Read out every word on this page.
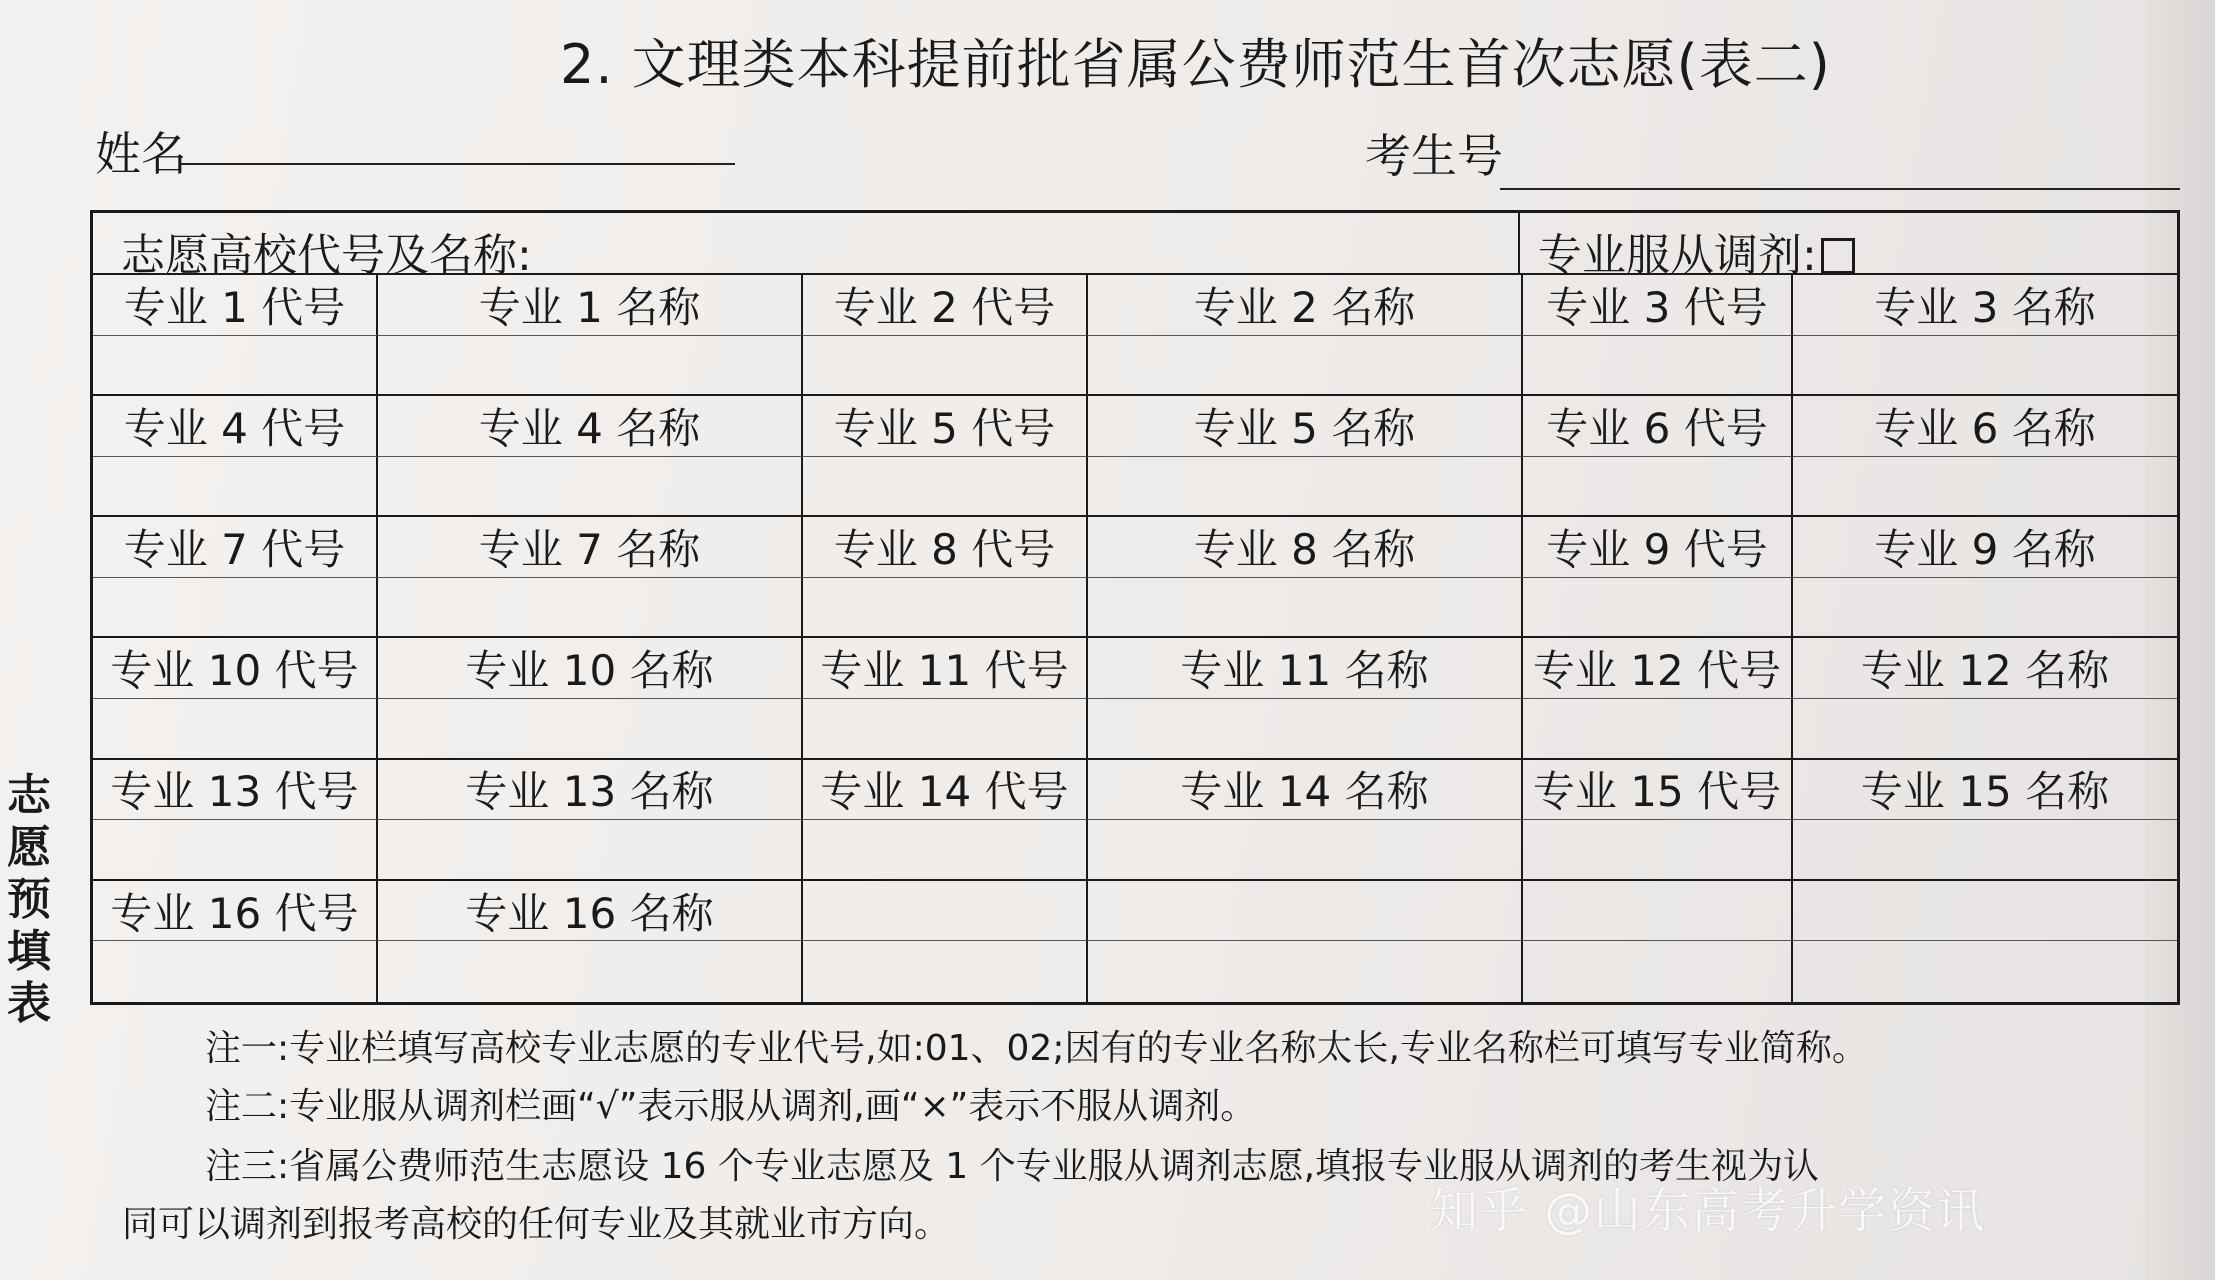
2. 文理类本科提前批省属公费师范生首次志愿(表二)
姓名	考生号
志愿高校代号及名称:	专业服从调剂:
专业 1 代号	专业 1 名称	专业 2 代号	专业 2 名称	专业 3 代号	专业 3 名称
专业 4 代号	专业 4 名称	专业 5 代号	专业 5 名称	专业 6 代号	专业 6 名称
专业 7 代号	专业 7 名称	专业 8 代号	专业 8 名称	专业 9 代号	专业 9 名称
专业 10 代号	专业 10 名称	专业 11 代号	专业 11 名称	专业 12 代号	专业 12 名称
专业 13 代号	专业 13 名称	专业 14 代号	专业 14 名称	专业 15 代号	专业 15 名称
专业 16 代号	专业 16 名称
志
愿
预
填
表
注一:专业栏填写高校专业志愿的专业代号,如:01、02;因有的专业名称太长,专业名称栏可填写专业简称。
注二:专业服从调剂栏画“√”表示服从调剂,画“×”表示不服从调剂。
注三:省属公费师范生志愿设 16 个专业志愿及 1 个专业服从调剂志愿,填报专业服从调剂的考生视为认
同可以调剂到报考高校的任何专业及其就业市方向。	知乎 @山东高考升学资讯
